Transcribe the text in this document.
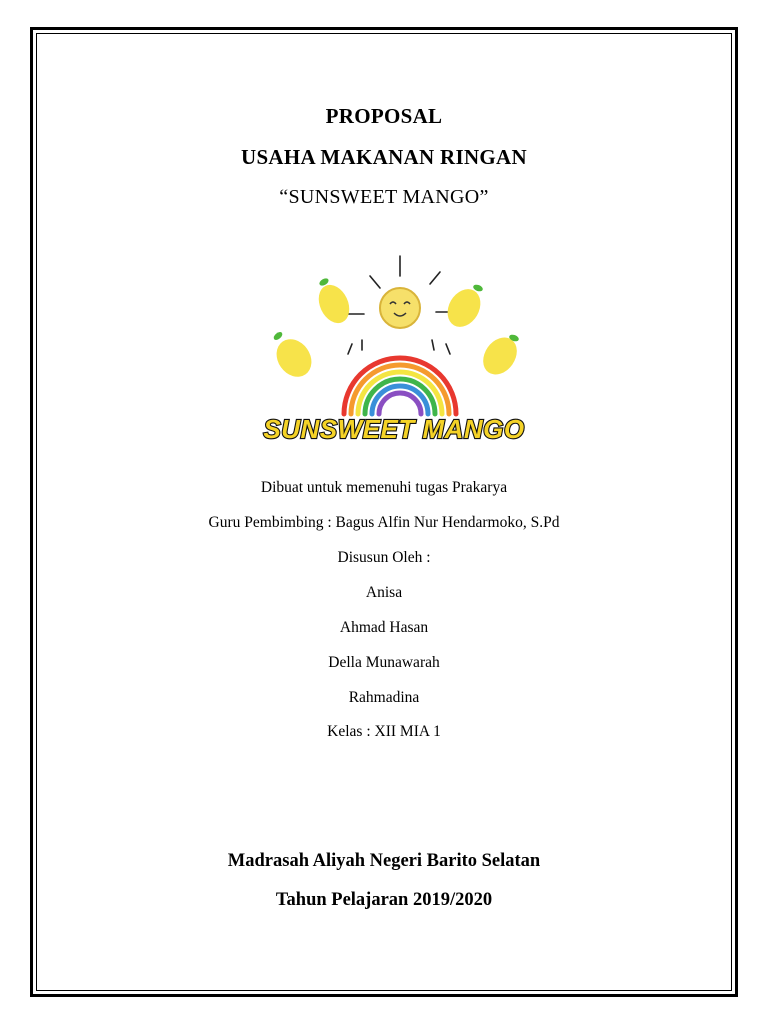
PROPOSAL
USAHA MAKANAN RINGAN
“SUNSWEET MANGO”
SUNSWEET MANGO
Dibuat untuk memenuhi tugas Prakarya
Guru Pembimbing : Bagus Alfin Nur Hendarmoko, S.Pd
Disusun Oleh :
Anisa
Ahmad Hasan
Della Munawarah
Rahmadina
Kelas : XII MIA 1
Madrasah Aliyah Negeri Barito Selatan
Tahun Pelajaran 2019/2020
